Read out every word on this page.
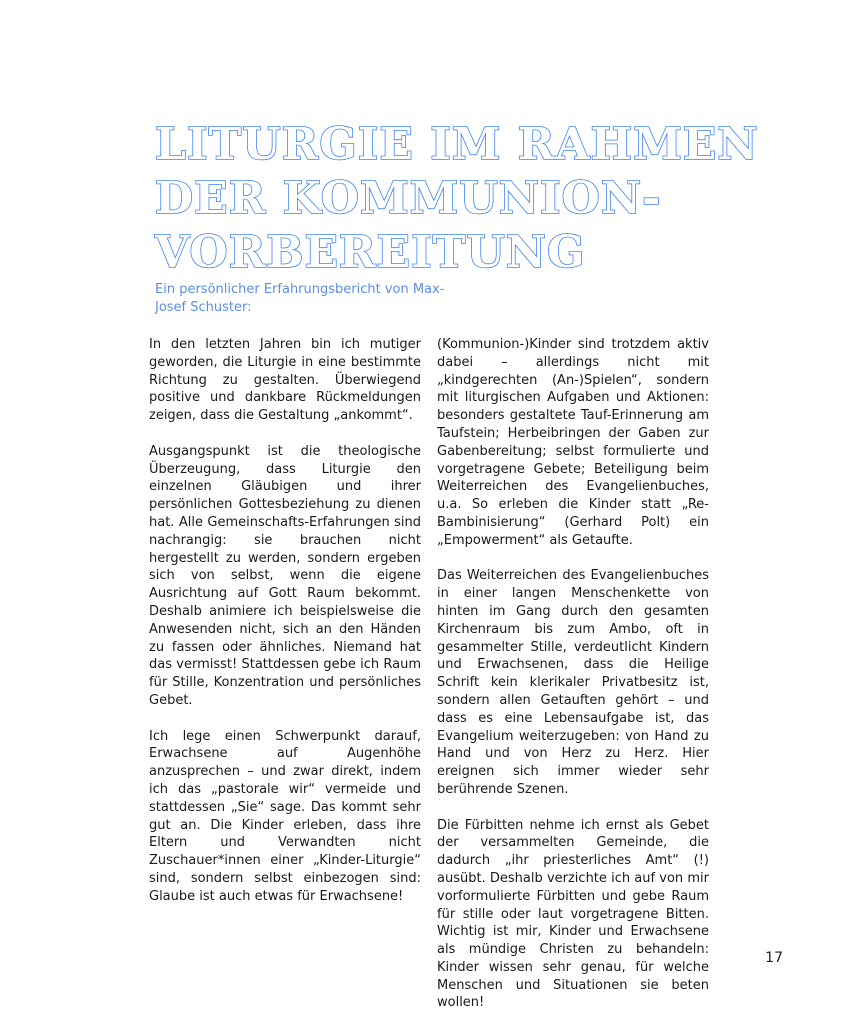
LITURGIE IM RAHMEN
DER KOMMUNION-
VORBEREITUNG

Ein persönlicher Erfahrungsbericht von Max-Josef Schuster:

In den letzten Jahren bin ich mutiger geworden, die Liturgie in eine bestimmte Richtung zu gestalten. Überwiegend positive und dankbare Rückmeldungen zeigen, dass die Gestaltung „ankommt“.

Ausgangspunkt ist die theologische Überzeugung, dass Liturgie den einzelnen Gläubigen und ihrer persönlichen Gottesbeziehung zu dienen hat. Alle Gemeinschafts-Erfahrungen sind nachrangig: sie brauchen nicht hergestellt zu werden, sondern ergeben sich von selbst, wenn die eigene Ausrichtung auf Gott Raum bekommt. Deshalb animiere ich beispielsweise die Anwesenden nicht, sich an den Händen zu fassen oder ähnliches. Niemand hat das vermisst! Stattdessen gebe ich Raum für Stille, Konzentration und persönliches Gebet.

Ich lege einen Schwerpunkt darauf, Erwachsene auf Augenhöhe anzusprechen – und zwar direkt, indem ich das „pastorale wir“ vermeide und stattdessen „Sie“ sage. Das kommt sehr gut an. Die Kinder erleben, dass ihre Eltern und Verwandten nicht Zuschauer*innen einer „Kinder-Liturgie“ sind, sondern selbst einbezogen sind: Glaube ist auch etwas für Erwachsene!

(Kommunion-)Kinder sind trotzdem aktiv dabei – allerdings nicht mit „kindgerechten (An-)Spielen“, sondern mit liturgischen Aufgaben und Aktionen: besonders gestaltete Tauf-Erinnerung am Taufstein; Herbeibringen der Gaben zur Gabenbereitung; selbst formulierte und vorgetragene Gebete; Beteiligung beim Weiterreichen des Evangelienbuches, u.a. So erleben die Kinder statt „Re-Bambinisierung“ (Gerhard Polt) ein „Empowerment“ als Getaufte.

Das Weiterreichen des Evangelienbuches in einer langen Menschenkette von hinten im Gang durch den gesamten Kirchenraum bis zum Ambo, oft in gesammelter Stille, verdeutlicht Kindern und Erwachsenen, dass die Heilige Schrift kein klerikaler Privatbesitz ist, sondern allen Getauften gehört – und dass es eine Lebensaufgabe ist, das Evangelium weiterzugeben: von Hand zu Hand und von Herz zu Herz. Hier ereignen sich immer wieder sehr berührende Szenen.

Die Fürbitten nehme ich ernst als Gebet der versammelten Gemeinde, die dadurch „ihr priesterliches Amt“ (!) ausübt. Deshalb verzichte ich auf von mir vorformulierte Fürbitten und gebe Raum für stille oder laut vorgetragene Bitten. Wichtig ist mir, Kinder und Erwachsene als mündige Christen zu behandeln: Kinder wissen sehr genau, für welche Menschen und Situationen sie beten wollen!

17
